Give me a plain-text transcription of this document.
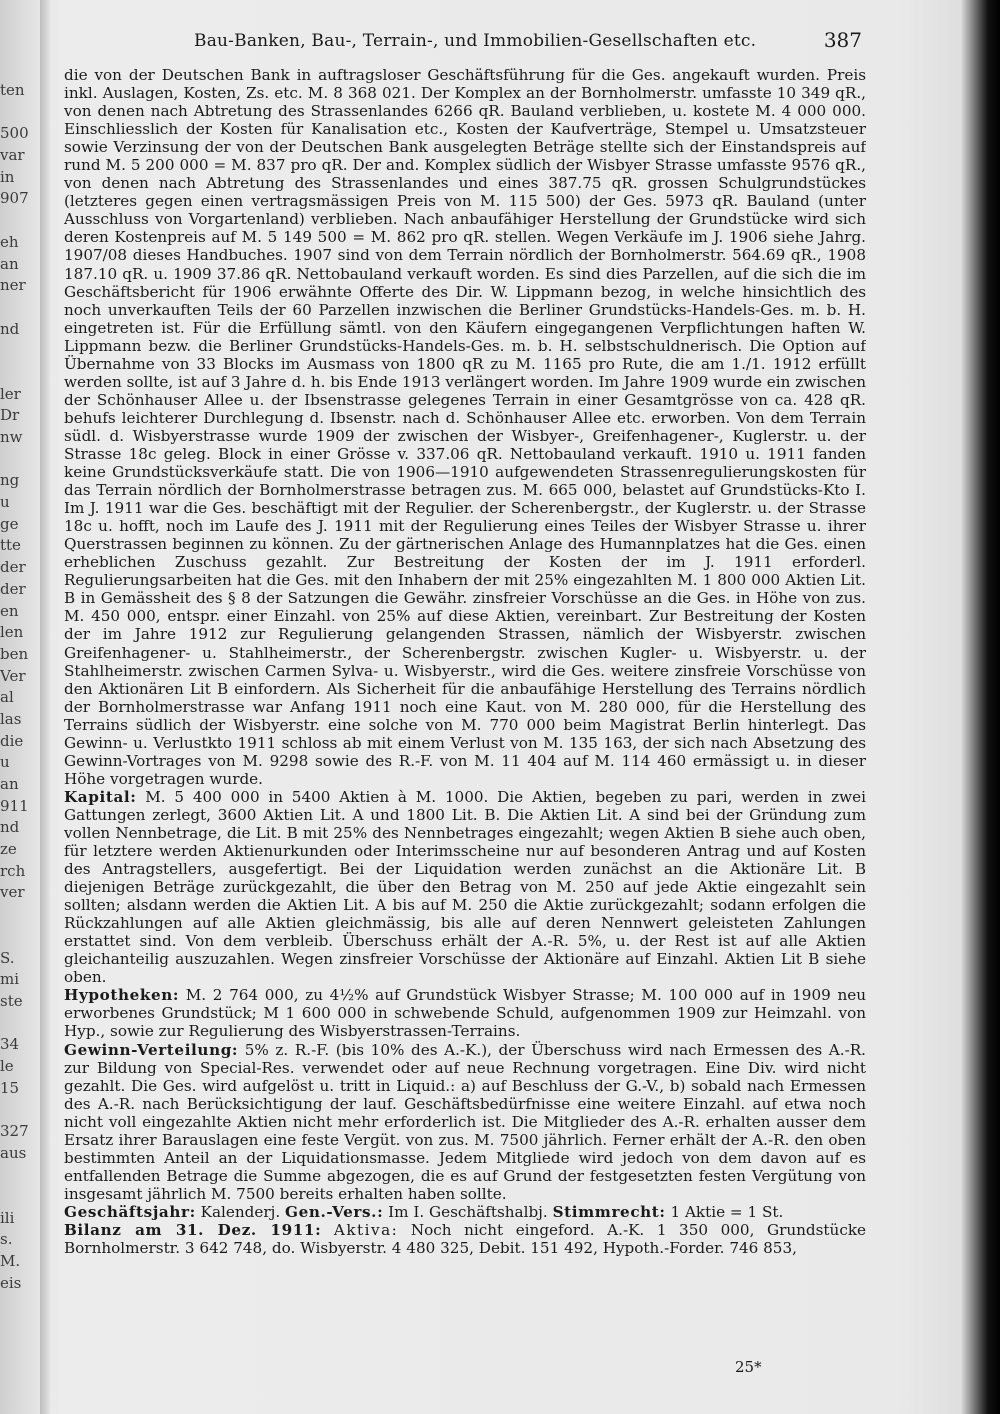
ten
500
var
in
907
eh
an
ner
nd
ler
Dr
nw
ng
u
ge
tte
der
der
en
len
ben
Ver
al
las
die
u
an
911
nd
ze
rch
ver
S.
mi
ste
34
le
15
327
aus
ili
s.
M.
eis
Bau-Banken, Bau-, Terrain-, und Immobilien-Gesellschaften etc.	387

die von der Deutschen Bank in auftragsloser Geschäftsführung für die Ges. angekauft wurden. Preis inkl. Auslagen, Kosten, Zs. etc. M. 8 368 021. Der Komplex an der Bornholmerstr. umfasste 10 349 qR., von denen nach Abtretung des Strassenlandes 6266 qR. Bauland verblieben, u. kostete M. 4 000 000. Einschliesslich der Kosten für Kanalisation etc., Kosten der Kaufverträge, Stempel u. Umsatzsteuer sowie Verzinsung der von der Deutschen Bank ausgelegten Beträge stellte sich der Einstandspreis auf rund M. 5 200 000 = M. 837 pro qR. Der and. Komplex südlich der Wisbyer Strasse umfasste 9576 qR., von denen nach Abtretung des Strassenlandes und eines 387.75 qR. grossen Schulgrundstückes (letzteres gegen einen vertragsmässigen Preis von M. 115 500) der Ges. 5973 qR. Bauland (unter Ausschluss von Vorgartenland) verblieben. Nach anbaufähiger Herstellung der Grundstücke wird sich deren Kostenpreis auf M. 5 149 500 = M. 862 pro qR. stellen. Wegen Verkäufe im J. 1906 siehe Jahrg. 1907/08 dieses Handbuches. 1907 sind von dem Terrain nördlich der Bornholmerstr. 564.69 qR., 1908 187.10 qR. u. 1909 37.86 qR. Nettobauland verkauft worden. Es sind dies Parzellen, auf die sich die im Geschäftsbericht für 1906 erwähnte Offerte des Dir. W. Lippmann bezog, in welche hinsichtlich des noch unverkauften Teils der 60 Parzellen inzwischen die Berliner Grundstücks-Handels-Ges. m. b. H. eingetreten ist. Für die Erfüllung sämtl. von den Käufern eingegangenen Verpflichtungen haften W. Lippmann bezw. die Berliner Grundstücks-Handels-Ges. m. b. H. selbstschuldnerisch. Die Option auf Übernahme von 33 Blocks im Ausmass von 1800 qR zu M. 1165 pro Rute, die am 1./1. 1912 erfüllt werden sollte, ist auf 3 Jahre d. h. bis Ende 1913 verlängert worden. Im Jahre 1909 wurde ein zwischen der Schönhauser Allee u. der Ibsenstrasse gelegenes Terrain in einer Gesamtgrösse von ca. 428 qR. behufs leichterer Durchlegung d. Ibsenstr. nach d. Schönhauser Allee etc. erworben. Von dem Terrain südl. d. Wisbyerstrasse wurde 1909 der zwischen der Wisbyer-, Greifenhagener-, Kuglerstr. u. der Strasse 18c geleg. Block in einer Grösse v. 337.06 qR. Nettobauland verkauft. 1910 u. 1911 fanden keine Grundstücksverkäufe statt. Die von 1906—1910 aufgewendeten Strassenregulierungskosten für das Terrain nördlich der Bornholmerstrasse betragen zus. M. 665 000, belastet auf Grundstücks-Kto I. Im J. 1911 war die Ges. beschäftigt mit der Regulier. der Scherenbergstr., der Kuglerstr. u. der Strasse 18c u. hofft, noch im Laufe des J. 1911 mit der Regulierung eines Teiles der Wisbyer Strasse u. ihrer Querstrassen beginnen zu können. Zu der gärtnerischen Anlage des Humannplatzes hat die Ges. einen erheblichen Zuschuss gezahlt. Zur Bestreitung der Kosten der im J. 1911 erforderl. Regulierungsarbeiten hat die Ges. mit den Inhabern der mit 25% eingezahlten M. 1 800 000 Aktien Lit. B in Gemässheit des § 8 der Satzungen die Gewähr. zinsfreier Vorschüsse an die Ges. in Höhe von zus. M. 450 000, entspr. einer Einzahl. von 25% auf diese Aktien, vereinbart. Zur Bestreitung der Kosten der im Jahre 1912 zur Regulierung gelangenden Strassen, nämlich der Wisbyerstr. zwischen Greifenhagener- u. Stahlheimerstr., der Scherenbergstr. zwischen Kugler- u. Wisbyerstr. u. der Stahlheimerstr. zwischen Carmen Sylva- u. Wisbyerstr., wird die Ges. weitere zinsfreie Vorschüsse von den Aktionären Lit B einfordern. Als Sicherheit für die anbaufähige Herstellung des Terrains nördlich der Bornholmerstrasse war Anfang 1911 noch eine Kaut. von M. 280 000, für die Herstellung des Terrains südlich der Wisbyerstr. eine solche von M. 770 000 beim Magistrat Berlin hinterlegt. Das Gewinn- u. Verlustkto 1911 schloss ab mit einem Verlust von M. 135 163, der sich nach Absetzung des Gewinn-Vortrages von M. 9298 sowie des R.-F. von M. 11 404 auf M. 114 460 ermässigt u. in dieser Höhe vorgetragen wurde.

Kapital: M. 5 400 000 in 5400 Aktien à M. 1000. Die Aktien, begeben zu pari, werden in zwei Gattungen zerlegt, 3600 Aktien Lit. A und 1800 Lit. B. Die Aktien Lit. A sind bei der Gründung zum vollen Nennbetrage, die Lit. B mit 25% des Nennbetrages eingezahlt; wegen Aktien B siehe auch oben, für letztere werden Aktienurkunden oder Interimsscheine nur auf besonderen Antrag und auf Kosten des Antragstellers, ausgefertigt. Bei der Liquidation werden zunächst an die Aktionäre Lit. B diejenigen Beträge zurückgezahlt, die über den Betrag von M. 250 auf jede Aktie eingezahlt sein sollten; alsdann werden die Aktien Lit. A bis auf M. 250 die Aktie zurückgezahlt; sodann erfolgen die Rückzahlungen auf alle Aktien gleichmässig, bis alle auf deren Nennwert geleisteten Zahlungen erstattet sind. Von dem verbleib. Überschuss erhält der A.-R. 5%, u. der Rest ist auf alle Aktien gleichanteilig auszuzahlen. Wegen zinsfreier Vorschüsse der Aktionäre auf Einzahl. Aktien Lit B siehe oben.

Hypotheken: M. 2 764 000, zu 4½% auf Grundstück Wisbyer Strasse; M. 100 000 auf in 1909 neu erworbenes Grundstück; M 1 600 000 in schwebende Schuld, aufgenommen 1909 zur Heimzahl. von Hyp., sowie zur Regulierung des Wisbyerstrassen-Terrains.

Gewinn-Verteilung: 5% z. R.-F. (bis 10% des A.-K.), der Überschuss wird nach Ermessen des A.-R. zur Bildung von Special-Res. verwendet oder auf neue Rechnung vorgetragen. Eine Div. wird nicht gezahlt. Die Ges. wird aufgelöst u. tritt in Liquid.: a) auf Beschluss der G.-V., b) sobald nach Ermessen des A.-R. nach Berücksichtigung der lauf. Geschäftsbedürfnisse eine weitere Einzahl. auf etwa noch nicht voll eingezahlte Aktien nicht mehr erforderlich ist. Die Mitglieder des A.-R. erhalten ausser dem Ersatz ihrer Barauslagen eine feste Vergüt. von zus. M. 7500 jährlich. Ferner erhält der A.-R. den oben bestimmten Anteil an der Liquidationsmasse. Jedem Mitgliede wird jedoch von dem davon auf es entfallenden Betrage die Summe abgezogen, die es auf Grund der festgesetzten festen Vergütung von insgesamt jährlich M. 7500 bereits erhalten haben sollte.

Geschäftsjahr: Kalenderj. Gen.-Vers.: Im I. Geschäftshalbj. Stimmrecht: 1 Aktie = 1 St.

Bilanz am 31. Dez. 1911: Aktiva: Noch nicht eingeford. A.-K. 1 350 000, Grundstücke Bornholmerstr. 3 642 748, do. Wisbyerstr. 4 480 325, Debit. 151 492, Hypoth.-Forder. 746 853,

25*
